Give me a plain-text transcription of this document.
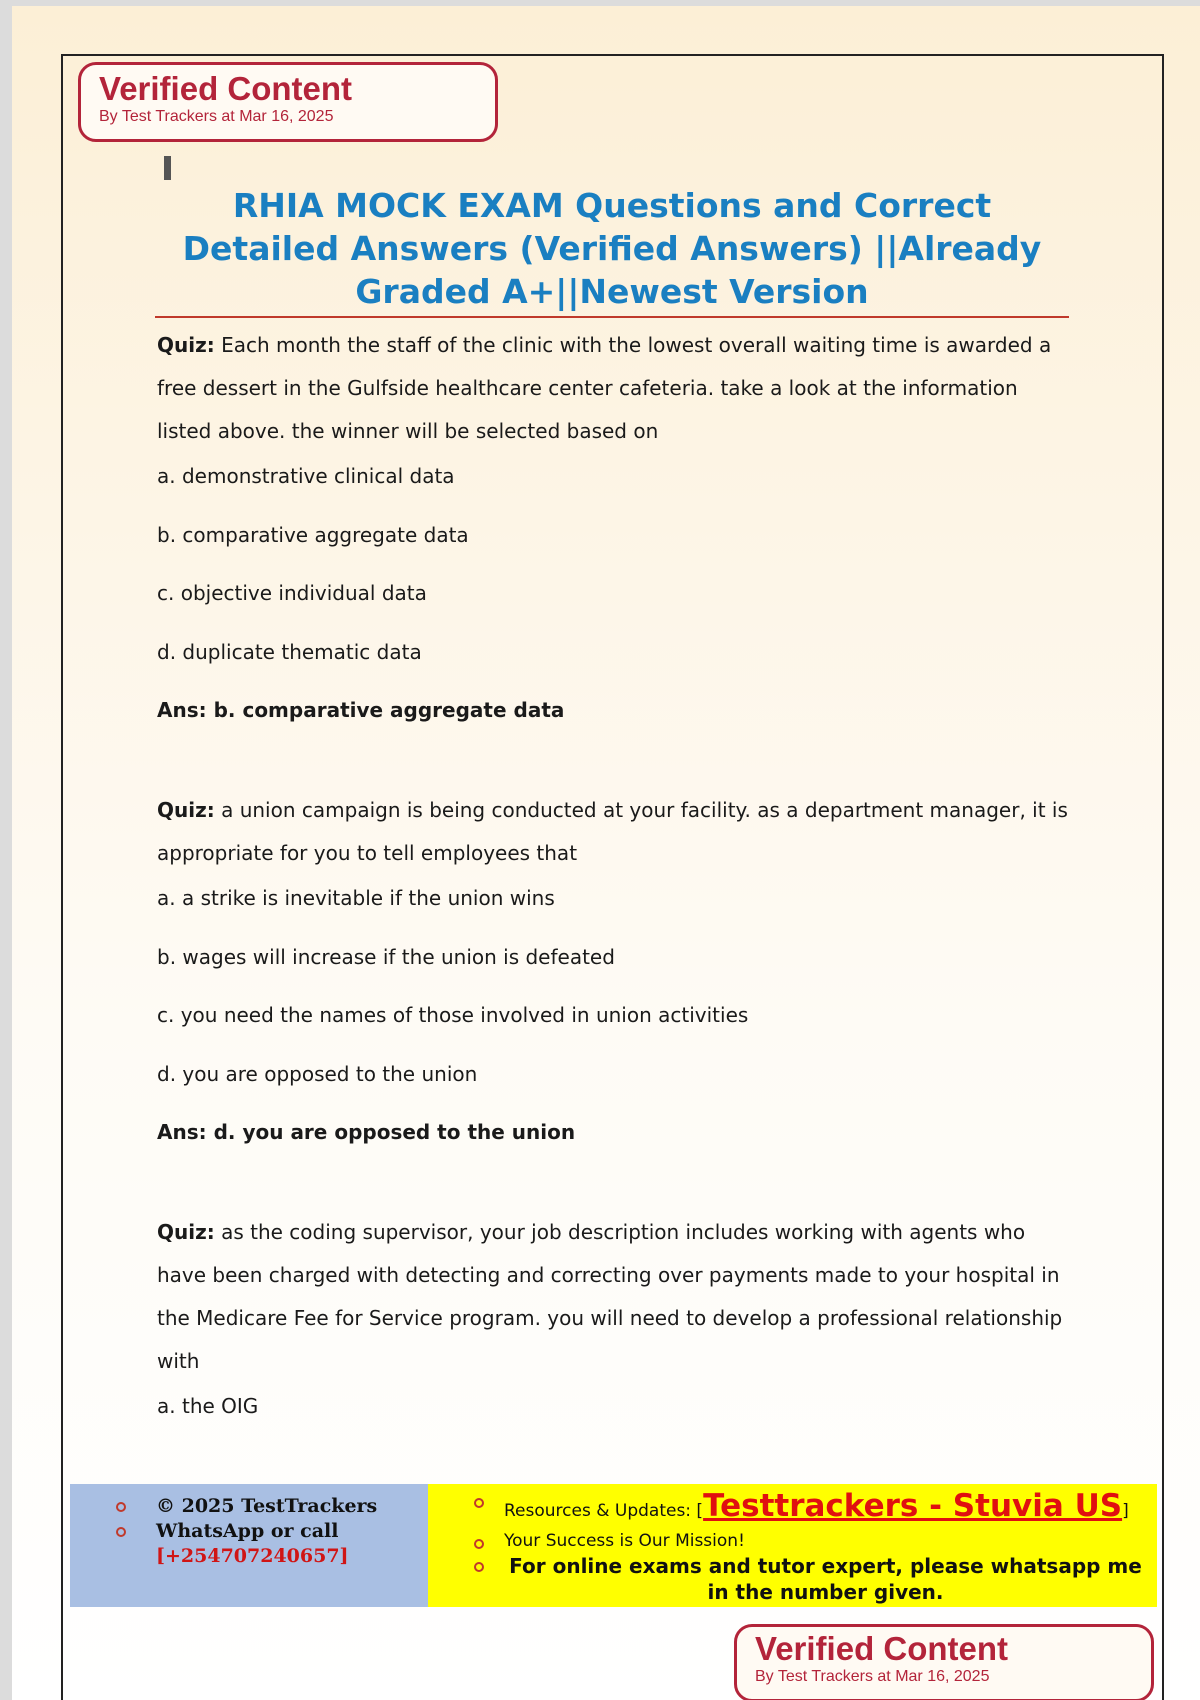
Verified Content
By Test Trackers at Mar 16, 2025
RHIA MOCK EXAM Questions and Correct Detailed Answers (Verified Answers) ||Already Graded A+||Newest Version
Quiz: Each month the staff of the clinic with the lowest overall waiting time is awarded a free dessert in the Gulfside healthcare center cafeteria. take a look at the information listed above. the winner will be selected based on
a. demonstrative clinical data
b. comparative aggregate data
c. objective individual data
d. duplicate thematic data
Ans: b. comparative aggregate data
Quiz: a union campaign is being conducted at your facility. as a department manager, it is appropriate for you to tell employees that
a. a strike is inevitable if the union wins
b. wages will increase if the union is defeated
c. you need the names of those involved in union activities
d. you are opposed to the union
Ans: d. you are opposed to the union
Quiz: as the coding supervisor, your job description includes working with agents who have been charged with detecting and correcting over payments made to your hospital in the Medicare Fee for Service program. you will need to develop a professional relationship with
a. the OIG
© 2025 TestTrackers
WhatsApp or call
[+254707240657]
Resources & Updates: [Testtrackers - Stuvia US]
Your Success is Our Mission!
For online exams and tutor expert, please whatsapp me in the number given.
Verified Content
By Test Trackers at Mar 16, 2025
